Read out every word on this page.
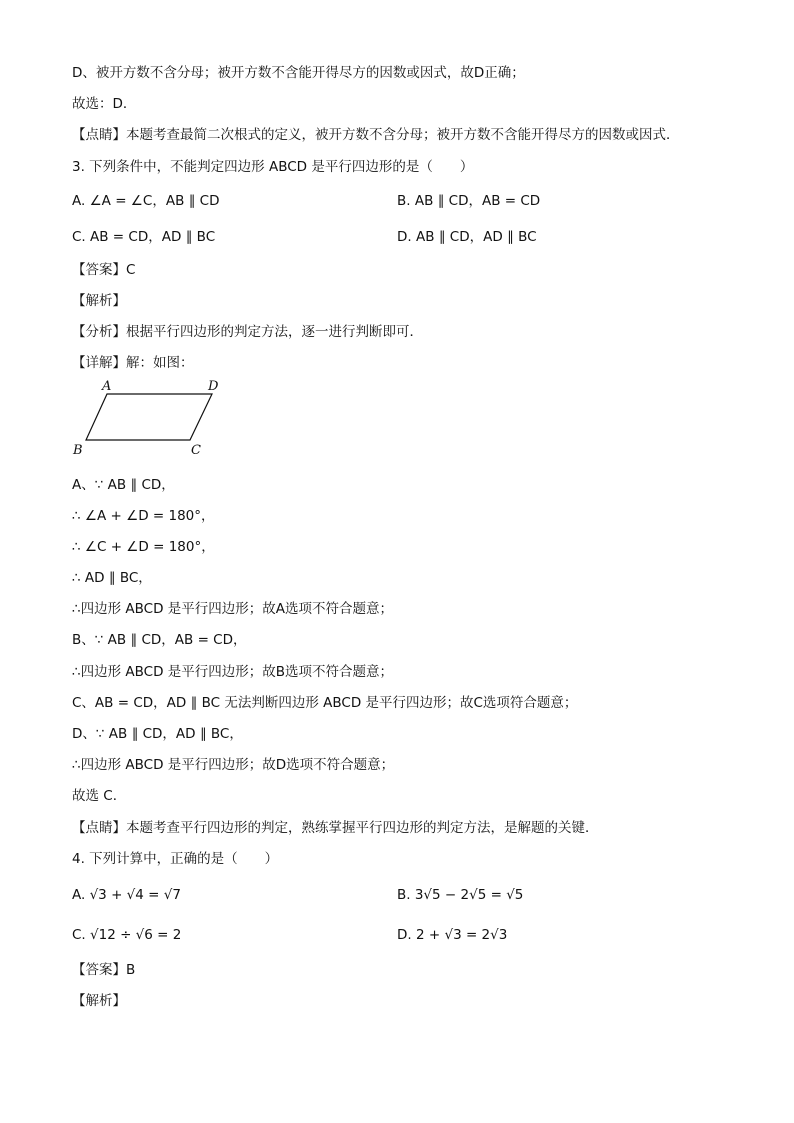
D、被开方数不含分母；被开方数不含能开得尽方的因数或因式，故D正确；
故选：D．
【点睛】本题考查最简二次根式的定义，被开方数不含分母；被开方数不含能开得尽方的因数或因式．
3. 下列条件中，不能判定四边形 ABCD 是平行四边形的是（　　）
A. ∠A = ∠C，AB ∥ CD	B. AB ∥ CD，AB = CD
C. AB = CD，AD ∥ BC	D. AB ∥ CD，AD ∥ BC
【答案】C
【解析】
【分析】根据平行四边形的判定方法，逐一进行判断即可．
【详解】解：如图：
A	D
B	C
A、∵ AB ∥ CD，
∴ ∠A + ∠D = 180°，
∴ ∠C + ∠D = 180°，
∴ AD ∥ BC，
∴四边形 ABCD 是平行四边形；故A选项不符合题意；
B、∵ AB ∥ CD，AB = CD，
∴四边形 ABCD 是平行四边形；故B选项不符合题意；
C、AB = CD，AD ∥ BC 无法判断四边形 ABCD 是平行四边形；故C选项符合题意；
D、∵ AB ∥ CD，AD ∥ BC，
∴四边形 ABCD 是平行四边形；故D选项不符合题意；
故选 C．
【点睛】本题考查平行四边形的判定，熟练掌握平行四边形的判定方法，是解题的关键．
4. 下列计算中，正确的是（　　）
A. √3 + √4 = √7	B. 3√5 − 2√5 = √5
C. √12 ÷ √6 = 2	D. 2 + √3 = 2√3
【答案】B
【解析】
